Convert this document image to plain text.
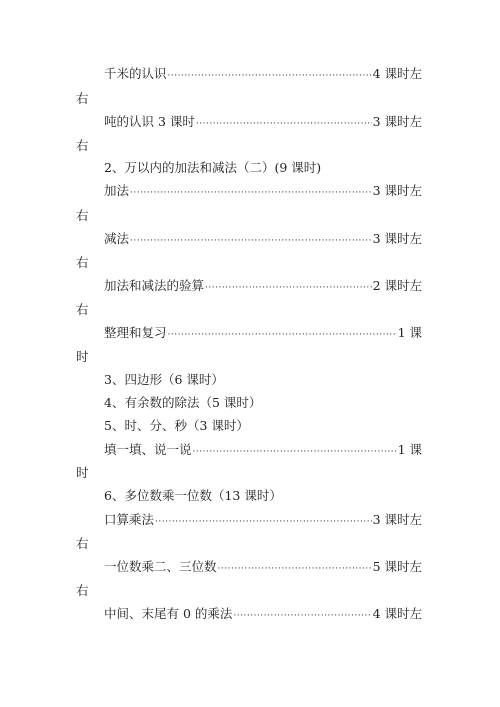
千米的认识 ·····	4 课时左
右
吨的认识 3 课时 ·····	3 课时左
右
2、万以内的加法和减法（二）(9 课时)
加法 ·····	3 课时左
右
减法 ·····	3 课时左
右
加法和减法的验算 ·····	2 课时左
右
整理和复习 ·····	1 课
时
3、四边形（6 课时）
4、有余数的除法（5 课时）
5、时、分、秒（3 课时）
填一填、说一说 ·····	1 课
时
6、多位数乘一位数（13 课时）
口算乘法 ·····	3 课时左
右
一位数乘二、三位数 ·····	5 课时左
右
中间、末尾有 0 的乘法 ·····	4 课时左
